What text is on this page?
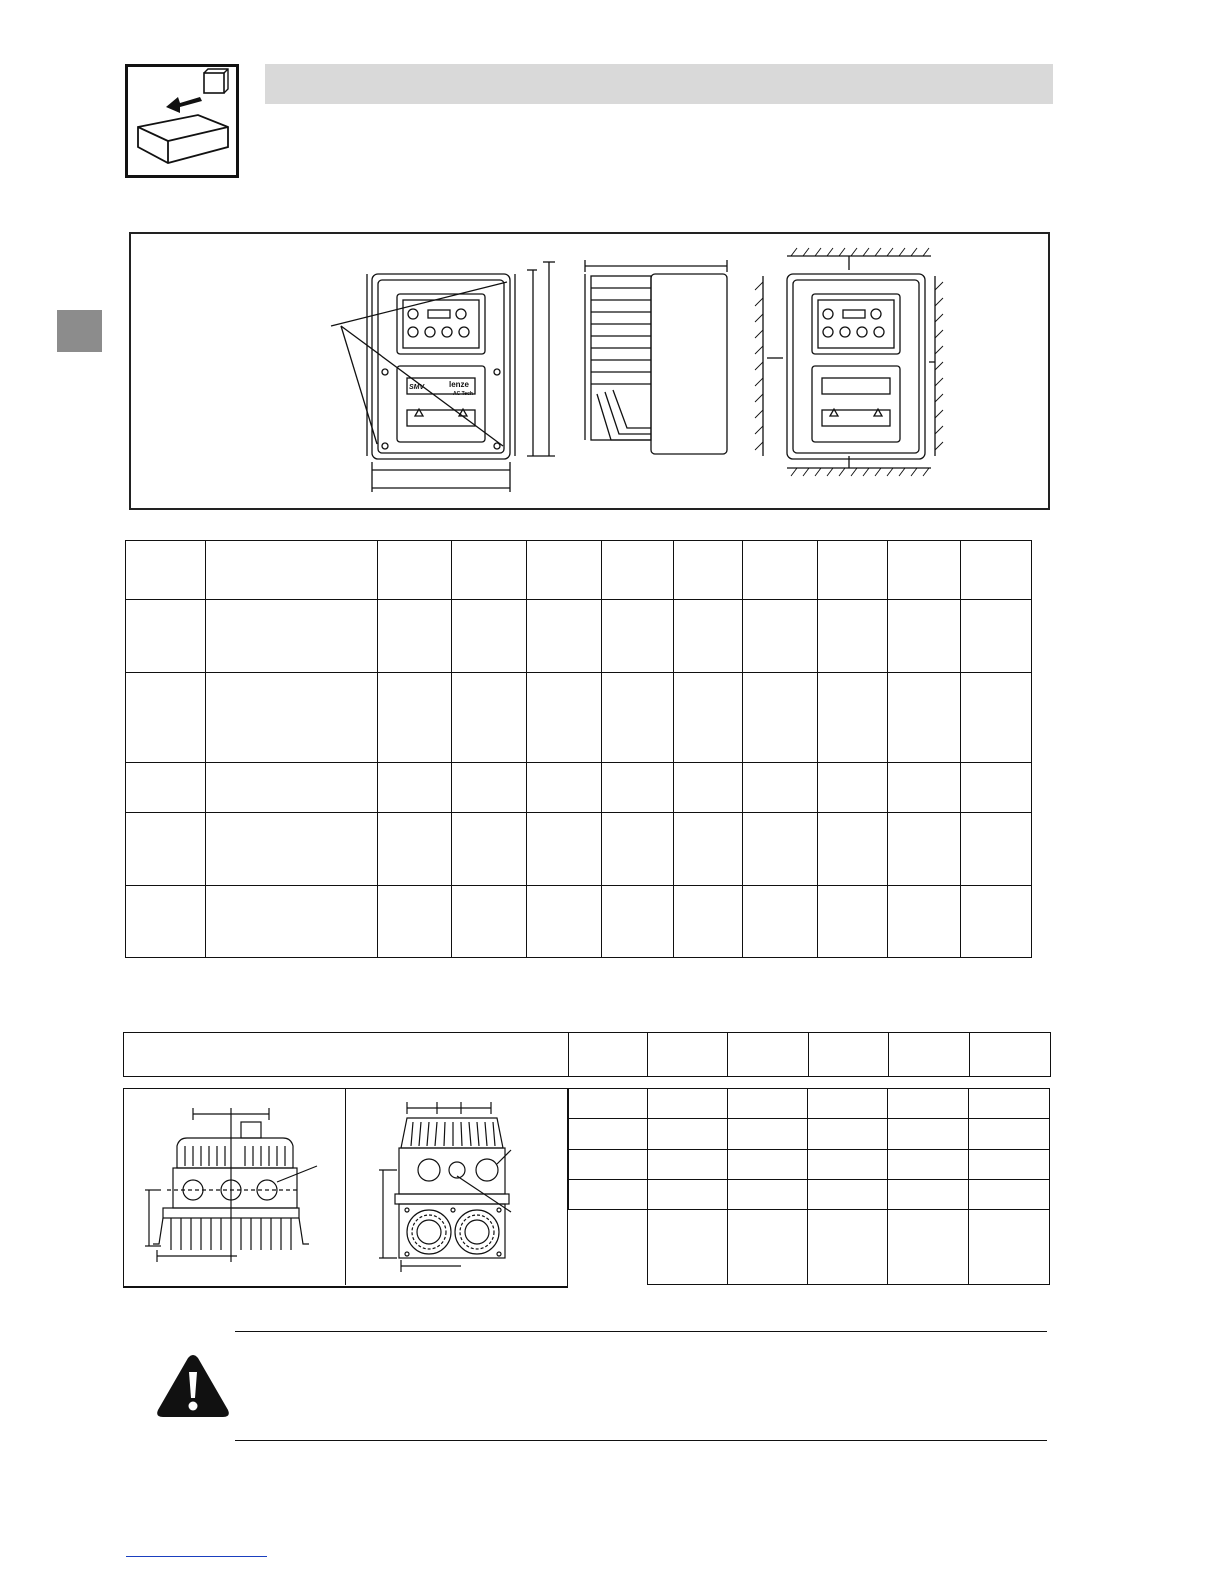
SMV	lenze
AC Tech
